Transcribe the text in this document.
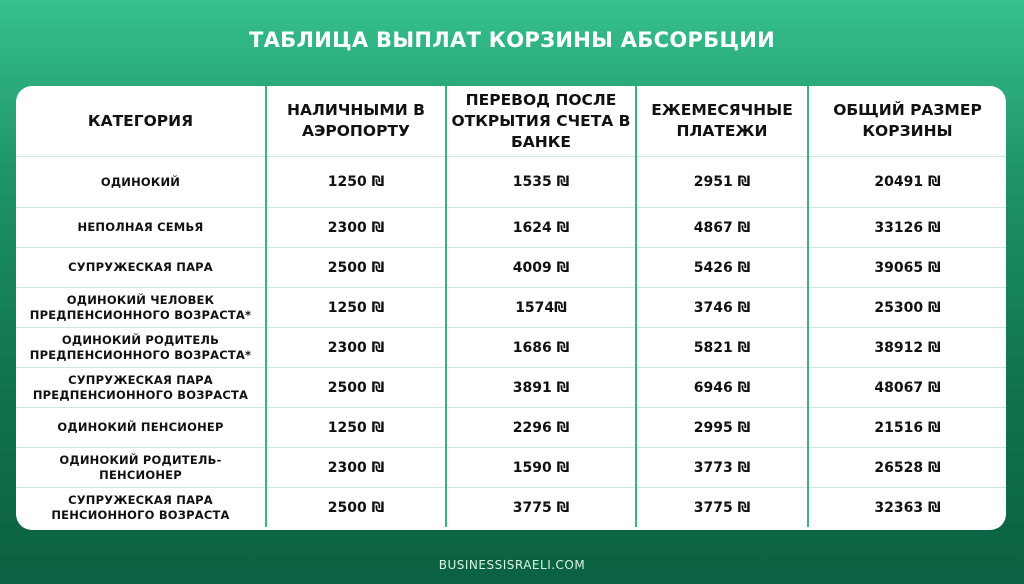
ТАБЛИЦА ВЫПЛАТ КОРЗИНЫ АБСОРБЦИИ
КАТЕГОРИЯ	НАЛИЧНЫМИ В АЭРОПОРТУ	ПЕРЕВОД ПОСЛЕ ОТКРЫТИЯ СЧЕТА В БАНКЕ	ЕЖЕМЕСЯЧНЫЕ ПЛАТЕЖИ	ОБЩИЙ РАЗМЕР КОРЗИНЫ
ОДИНОКИЙ	1250 ₪	1535 ₪	2951 ₪	20491 ₪
НЕПОЛНАЯ СЕМЬЯ	2300 ₪	1624 ₪	4867 ₪	33126 ₪
СУПРУЖЕСКАЯ ПАРА	2500 ₪	4009 ₪	5426 ₪	39065 ₪
ОДИНОКИЙ ЧЕЛОВЕК ПРЕДПЕНСИОННОГО ВОЗРАСТА*	1250 ₪	1574₪	3746 ₪	25300 ₪
ОДИНОКИЙ РОДИТЕЛЬ ПРЕДПЕНСИОННОГО ВОЗРАСТА*	2300 ₪	1686 ₪	5821 ₪	38912 ₪
СУПРУЖЕСКАЯ ПАРА ПРЕДПЕНСИОННОГО ВОЗРАСТА	2500 ₪	3891 ₪	6946 ₪	48067 ₪
ОДИНОКИЙ ПЕНСИОНЕР	1250 ₪	2296 ₪	2995 ₪	21516 ₪
ОДИНОКИЙ РОДИТЕЛЬ-ПЕНСИОНЕР	2300 ₪	1590 ₪	3773 ₪	26528 ₪
СУПРУЖЕСКАЯ ПАРА ПЕНСИОННОГО ВОЗРАСТА	2500 ₪	3775 ₪	3775 ₪	32363 ₪
BUSINESSISRAELI.COM
